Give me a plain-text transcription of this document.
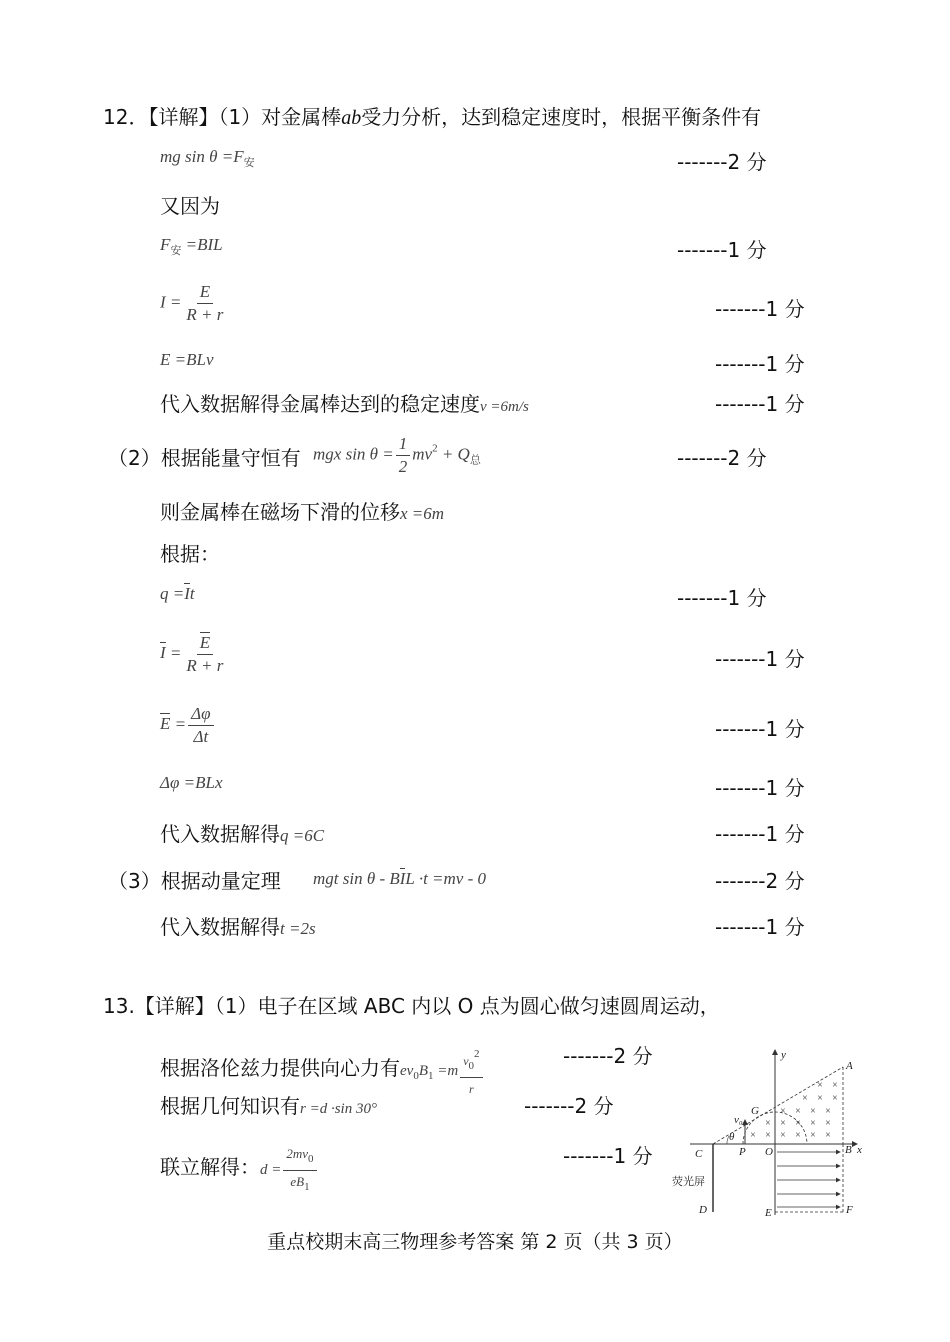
12．【详解】（1）对金属棒ab受力分析，达到稳定速度时，根据平衡条件有
mg $\sin \theta =F_安$	-------2 分
又因为
$F_安 =BIL$	-------1 分
$I = \frac{E}{R + r}$	-------1 分
E =BLv	-------1 分
代入数据解得金属棒达到的稳定速度v =6m/s	-------1 分
（2）根据能量守恒有 mgx $\sin \theta = \frac{1}{2} mv^2 + Q_总$	-------2 分
则金属棒在磁场下滑的位移x =6m
根据：
q =It	-------1 分
$I = \frac{E}{R + r}$	-------1 分
$E = \frac{\Delta\varphi}{\Delta t}$	-------1 分
Δφ =BLx	-------1 分
代入数据解得q =6C	-------1 分
（3）根据动量定理 mgt sin θ - BIL ·t =mv - 0	-------2 分
代入数据解得t =2s	-------1 分
13.【详解】（1）电子在区域 ABC 内以 O 点为圆心做匀速圆周运动，
根据洛伦兹力提供向心力有$ev_0B_1 =m \frac{v02}{r}$	-------2 分
根据几何知识有r =d ·sin 30°	-------2 分
联立解得：$d = \frac{2mv_0}{eB_1}$	-------1 分
× ×
× × ×
× × × ×
× × × × ×
× × × × × ×
y
x
A
B
C
D	E	F
O
P
G
θ
v₀
荧光屏
重点校期末高三物理参考答案 第 2 页（共 3 页）
